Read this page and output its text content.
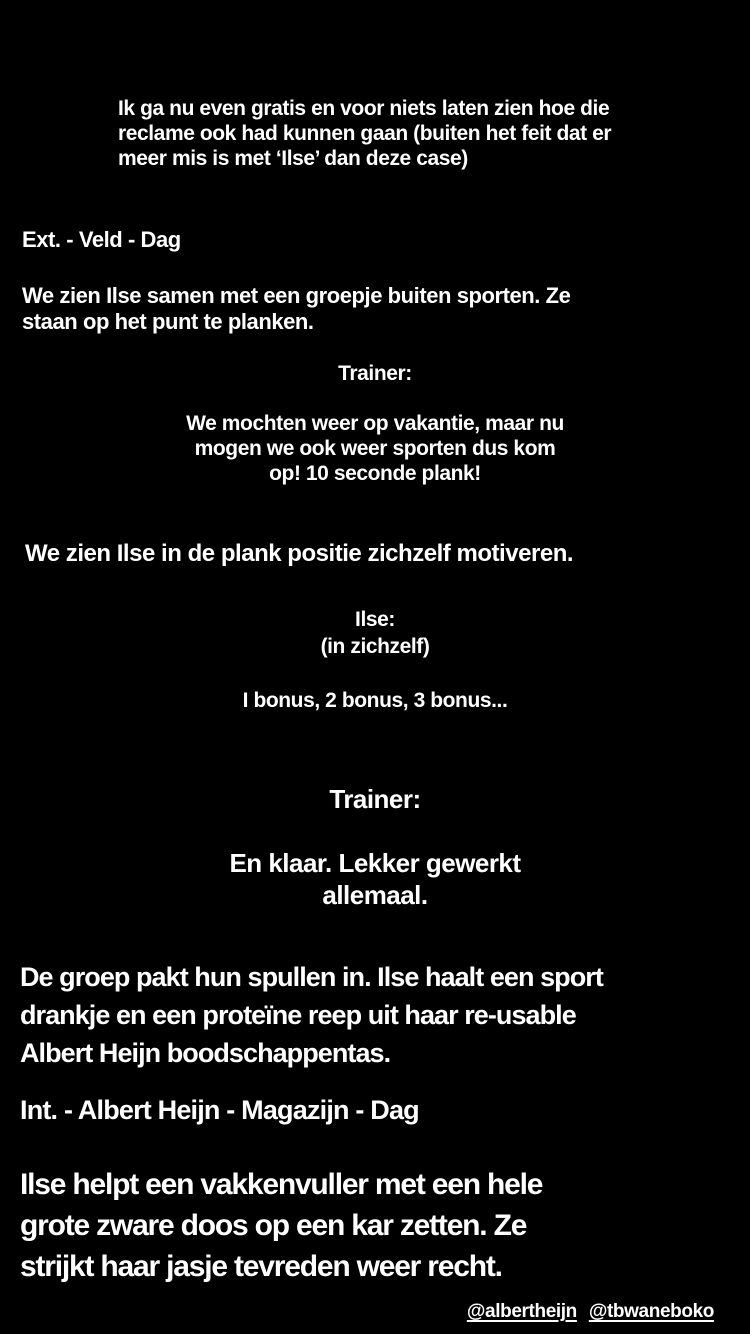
Ik ga nu even gratis en voor niets laten zien hoe die
reclame ook had kunnen gaan (buiten het feit dat er
meer mis is met ‘Ilse’ dan deze case)
Ext. - Veld - Dag
We zien Ilse samen met een groepje buiten sporten. Ze
staan op het punt te planken.
Trainer:
We mochten weer op vakantie, maar nu
mogen we ook weer sporten dus kom
op! 10 seconde plank!
We zien Ilse in de plank positie zichzelf motiveren.
Ilse:
(in zichzelf)
I bonus, 2 bonus, 3 bonus...
Trainer:
En klaar. Lekker gewerkt
allemaal.
De groep pakt hun spullen in. Ilse haalt een sport
drankje en een proteïne reep uit haar re-usable
Albert Heijn boodschappentas.
Int. - Albert Heijn - Magazijn - Dag
Ilse helpt een vakkenvuller met een hele
grote zware doos op een kar zetten. Ze
strijkt haar jasje tevreden weer recht.
@albertheijn @tbwaneboko
